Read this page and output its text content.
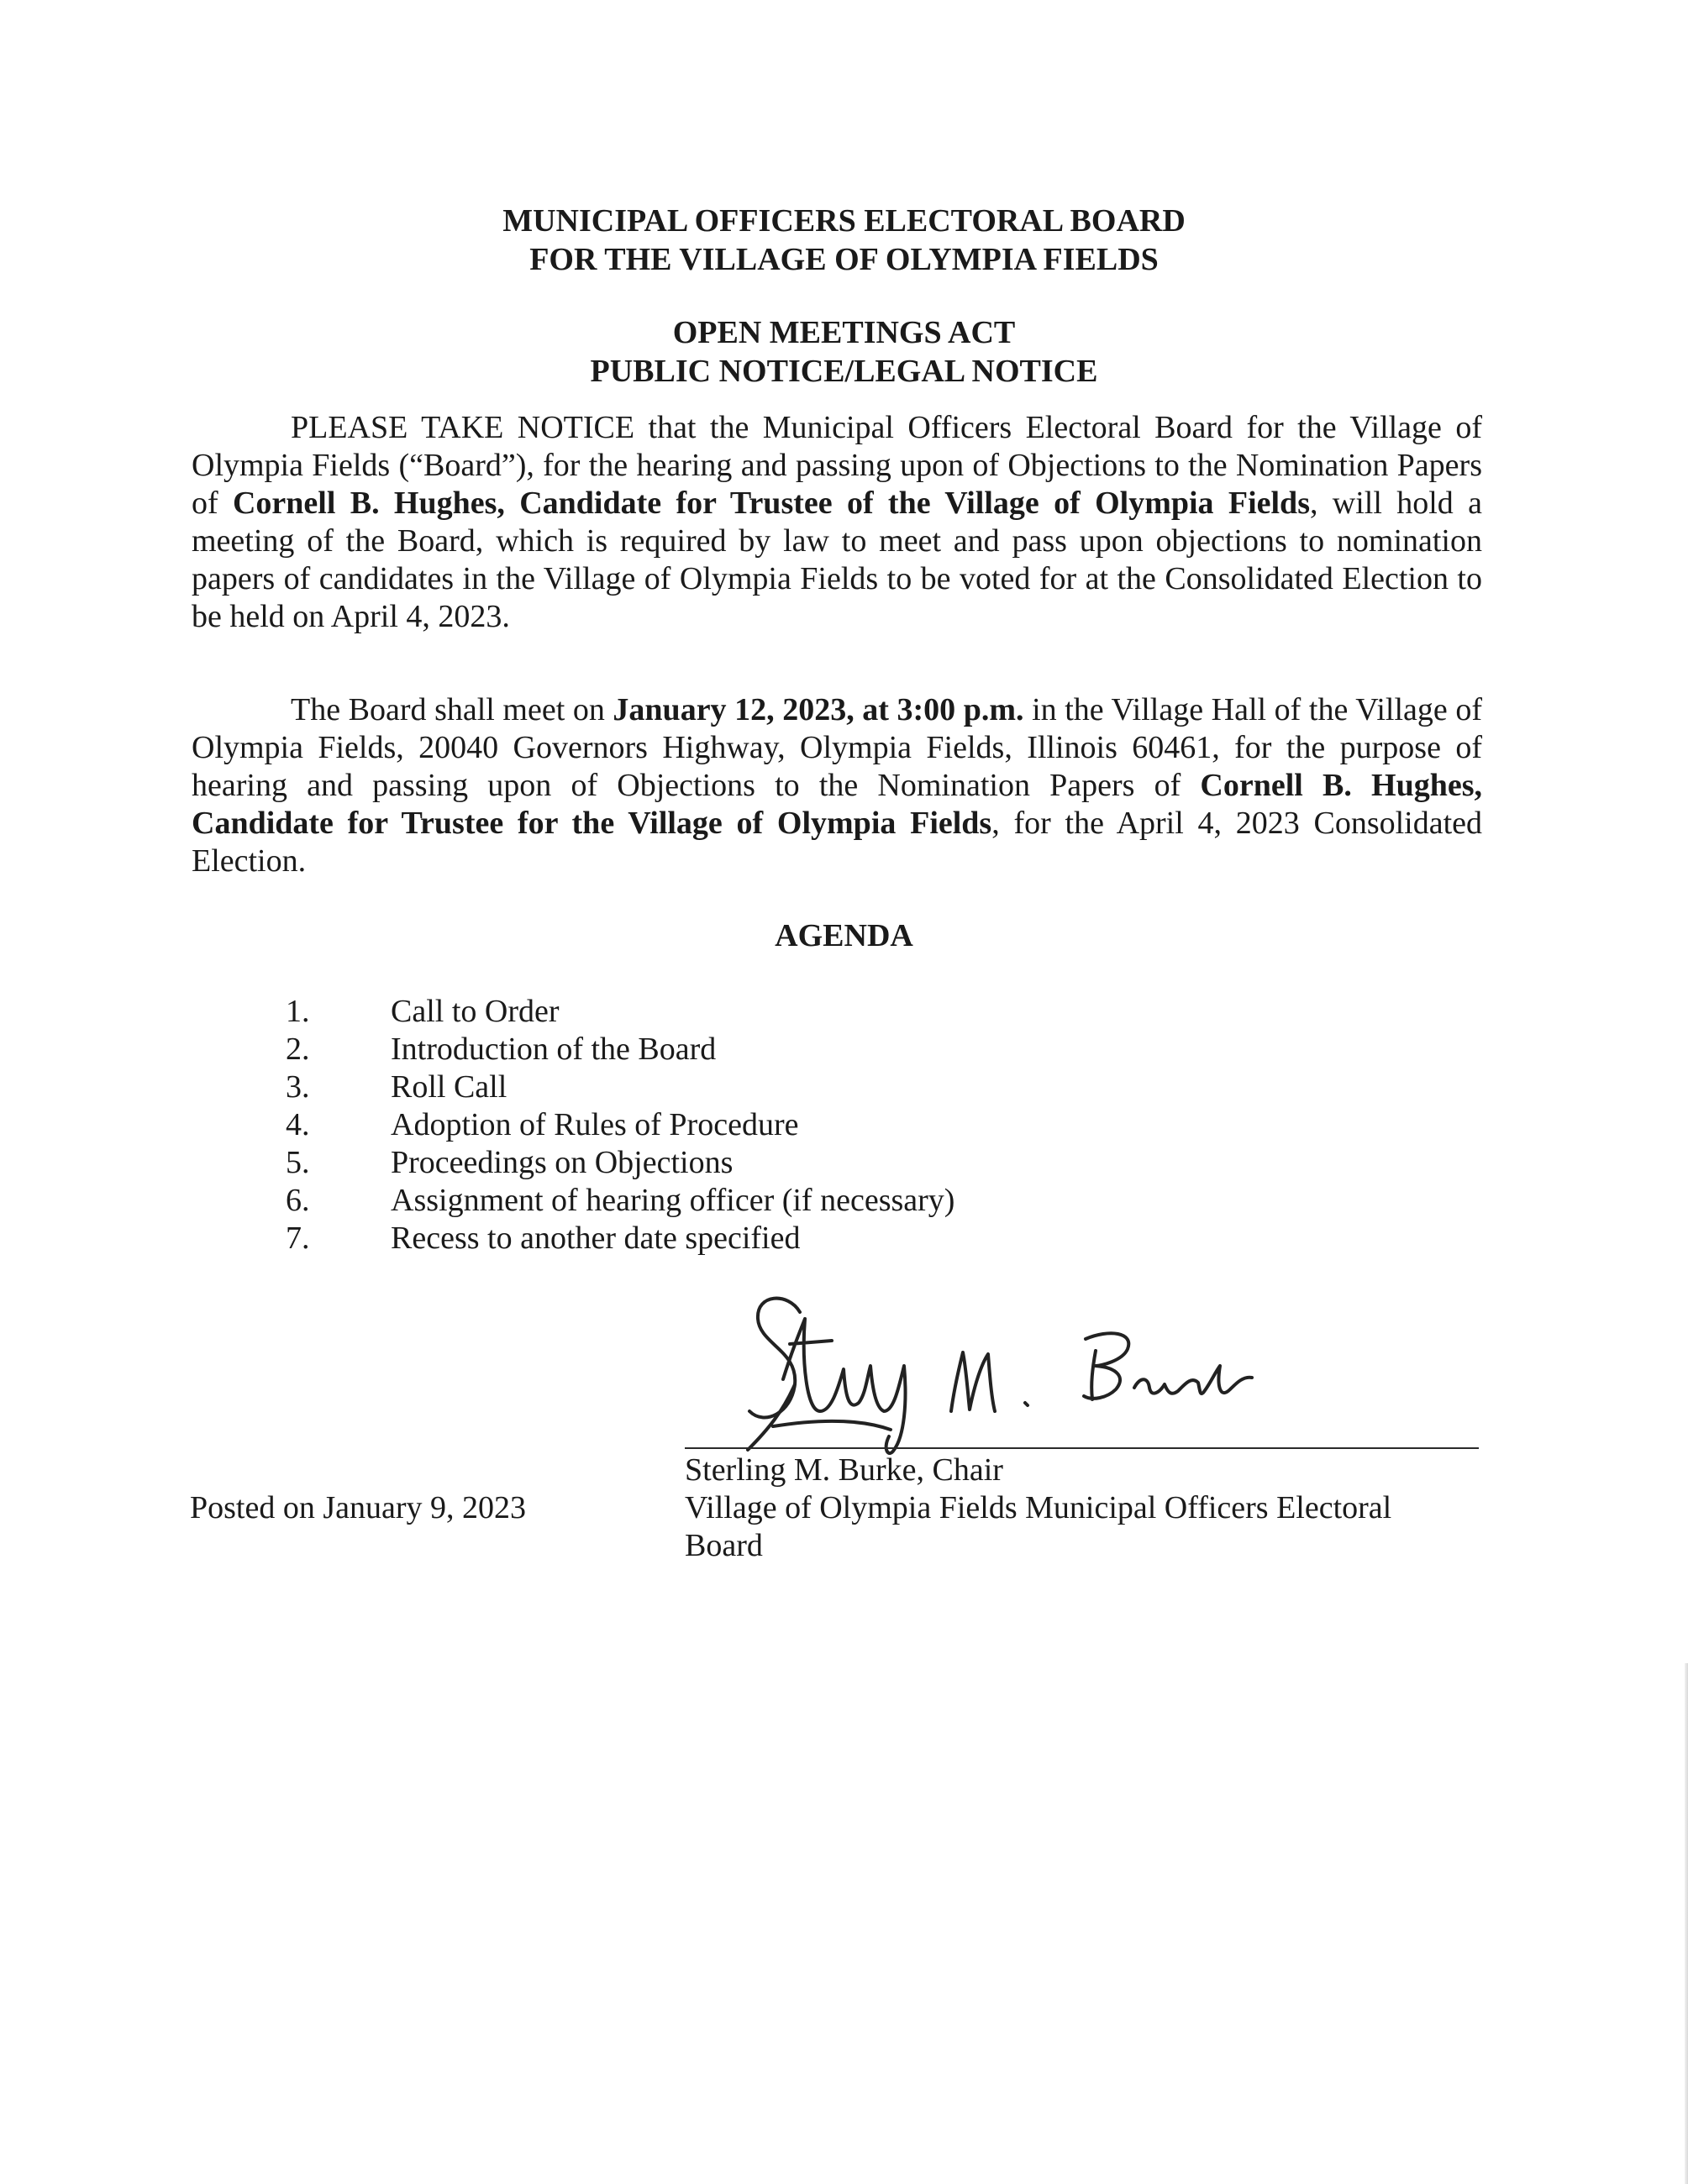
MUNICIPAL OFFICERS ELECTORAL BOARD
FOR THE VILLAGE OF OLYMPIA FIELDS
OPEN MEETINGS ACT
PUBLIC NOTICE/LEGAL NOTICE

PLEASE TAKE NOTICE that the Municipal Officers Electoral Board for the Village of Olympia Fields (“Board”), for the hearing and passing upon of Objections to the Nomination Papers of Cornell B. Hughes, Candidate for Trustee of the Village of Olympia Fields, will hold a meeting of the Board, which is required by law to meet and pass upon objections to nomination papers of candidates in the Village of Olympia Fields to be voted for at the Consolidated Election to be held on April 4, 2023.

The Board shall meet on January 12, 2023, at 3:00 p.m. in the Village Hall of the Village of Olympia Fields, 20040 Governors Highway, Olympia Fields, Illinois 60461, for the purpose of hearing and passing upon of Objections to the Nomination Papers of Cornell B. Hughes, Candidate for Trustee for the Village of Olympia Fields, for the April 4, 2023 Consolidated Election.

AGENDA
1.	Call to Order
2.	Introduction of the Board
3.	Roll Call
4.	Adoption of Rules of Procedure
5.	Proceedings on Objections
6.	Assignment of hearing officer (if necessary)
7.	Recess to another date specified
Sterling M. Burke, Chair
Village of Olympia Fields Municipal Officers Electoral
Board
Posted on January 9, 2023
